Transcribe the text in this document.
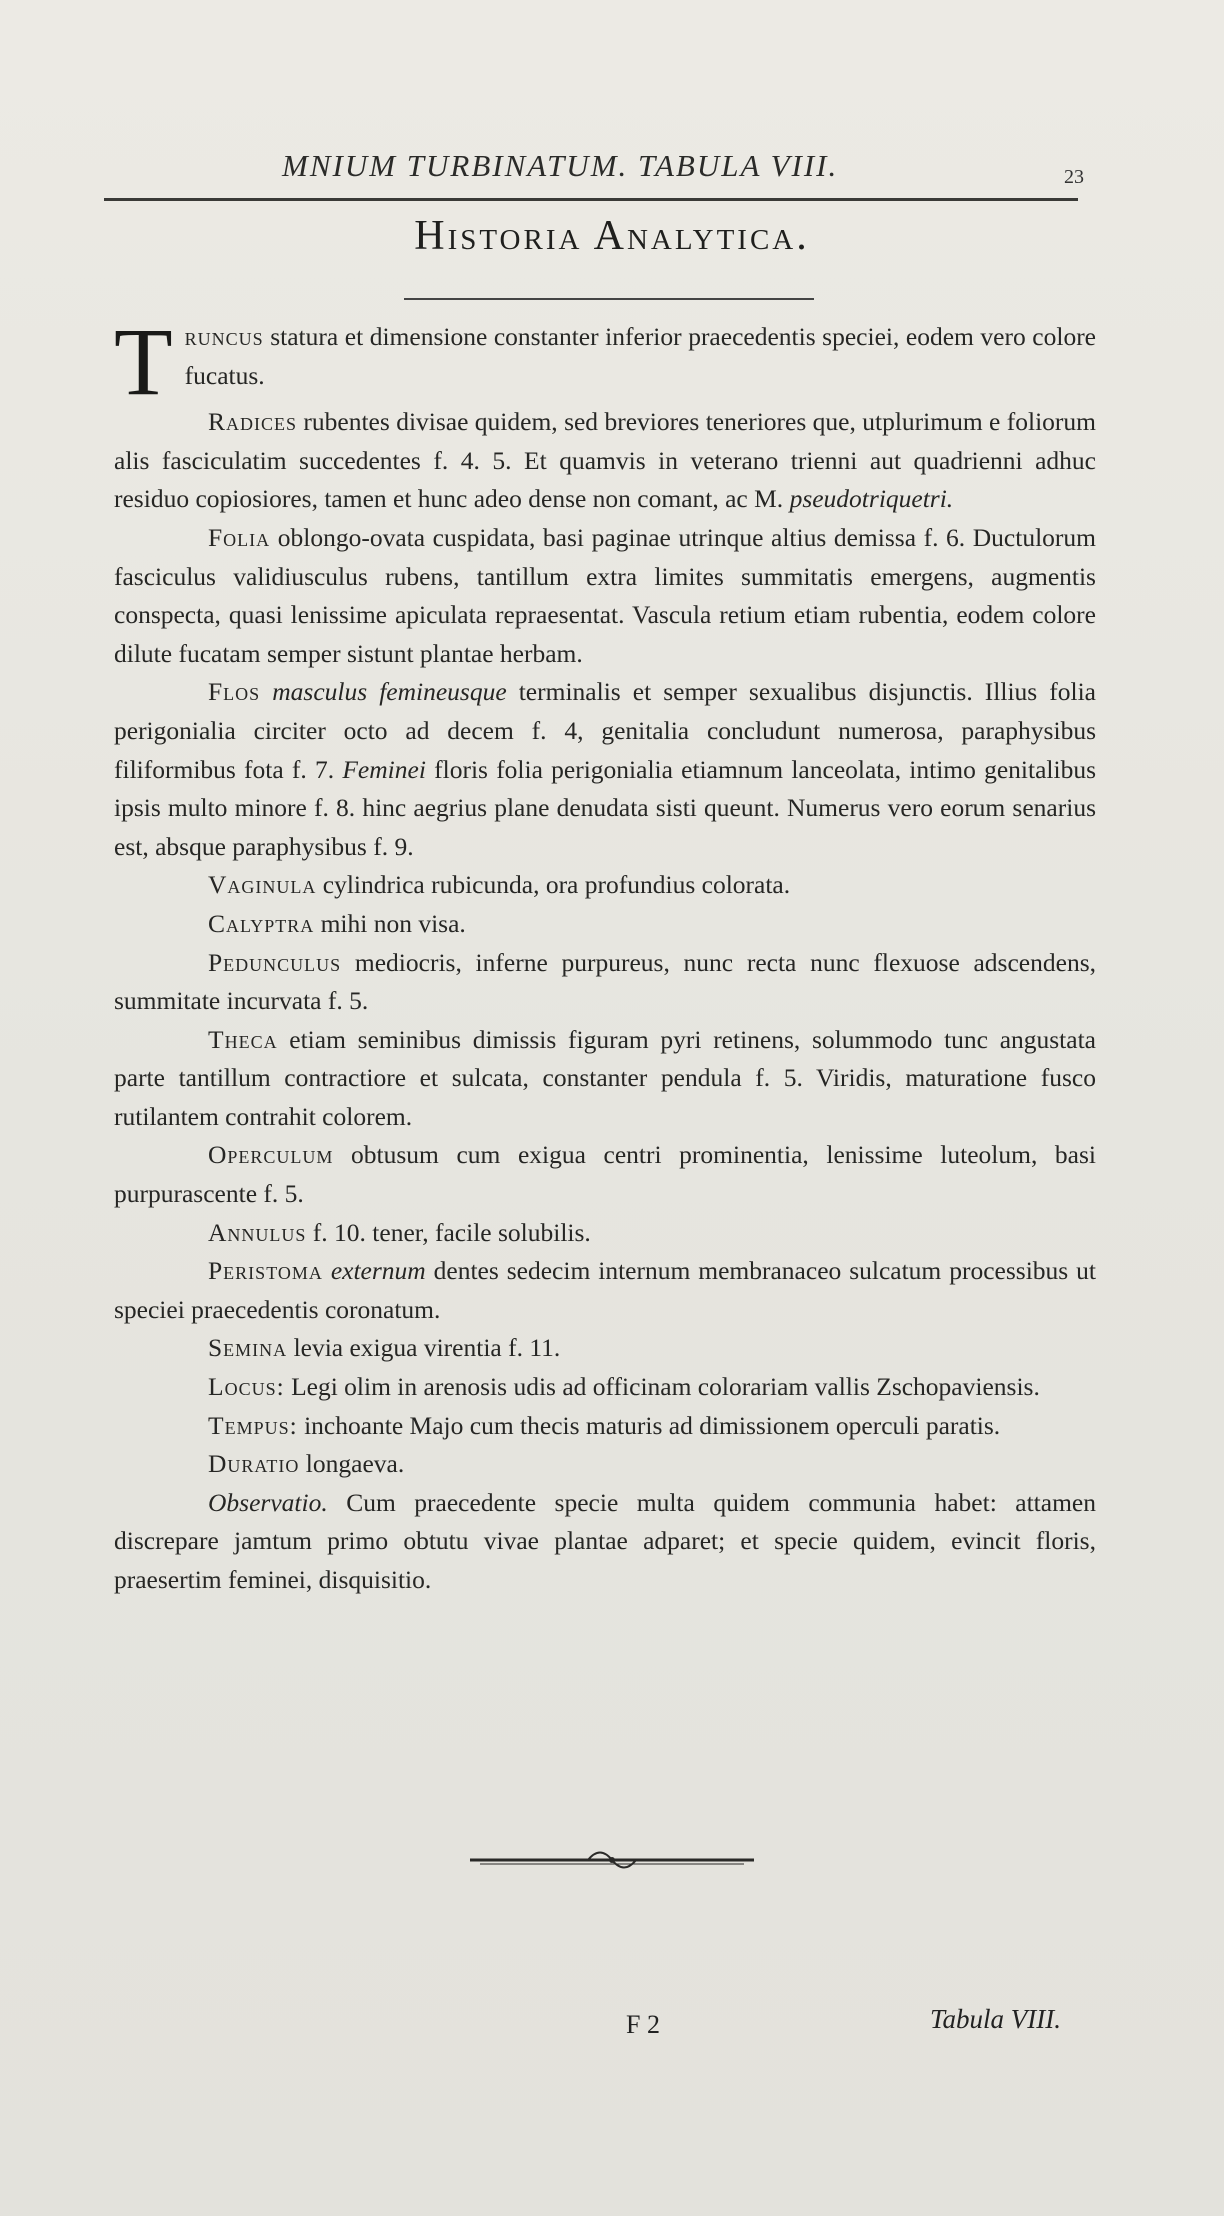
MNIUM TURBINATUM. TABULA VIII.	23
Historia Analytica.

Truncus statura et dimensione constanter inferior praecedentis speciei, eodem vero colore fucatus.

Radices rubentes divisae quidem, sed breviores teneriores que, utplurimum e foliorum alis fasciculatim succedentes f. 4. 5. Et quamvis in veterano trienni aut quadrienni adhuc residuo copiosiores, tamen et hunc adeo dense non comant, ac M. pseudotriquetri.

Folia oblongo-ovata cuspidata, basi paginae utrinque altius demissa f. 6. Ductulorum fasciculus validiusculus rubens, tantillum extra limites summitatis emergens, augmentis conspecta, quasi lenissime apiculata repraesentat. Vascula retium etiam rubentia, eodem colore dilute fucatam semper sistunt plantae herbam.

Flos masculus femineusque terminalis et semper sexualibus disjunctis. Illius folia perigonialia circiter octo ad decem f. 4, genitalia concludunt numerosa, paraphysibus filiformibus fota f. 7. Feminei floris folia perigonialia etiamnum lanceolata, intimo genitalibus ipsis multo minore f. 8. hinc aegrius plane denudata sisti queunt. Numerus vero eorum senarius est, absque paraphysibus f. 9.

Vaginula cylindrica rubicunda, ora profundius colorata.

Calyptra mihi non visa.

Pedunculus mediocris, inferne purpureus, nunc recta nunc flexuose adscendens, summitate incurvata f. 5.

Theca etiam seminibus dimissis figuram pyri retinens, solummodo tunc angustata parte tantillum contractiore et sulcata, constanter pendula f. 5. Viridis, maturatione fusco rutilantem contrahit colorem.

Operculum obtusum cum exigua centri prominentia, lenissime luteolum, basi purpurascente f. 5.

Annulus f. 10. tener, facile solubilis.

Peristoma externum dentes sedecim internum membranaceo sulcatum processibus ut speciei praecedentis coronatum.

Semina levia exigua virentia f. 11.

Locus: Legi olim in arenosis udis ad officinam colorariam vallis Zschopaviensis.

Tempus: inchoante Majo cum thecis maturis ad dimissionem operculi paratis.

Duratio longaeva.

Observatio. Cum praecedente specie multa quidem communia habet: attamen discrepare jamtum primo obtutu vivae plantae adparet; et specie quidem, evincit floris, praesertim feminei, disquisitio.

F 2	Tabula VIII.
